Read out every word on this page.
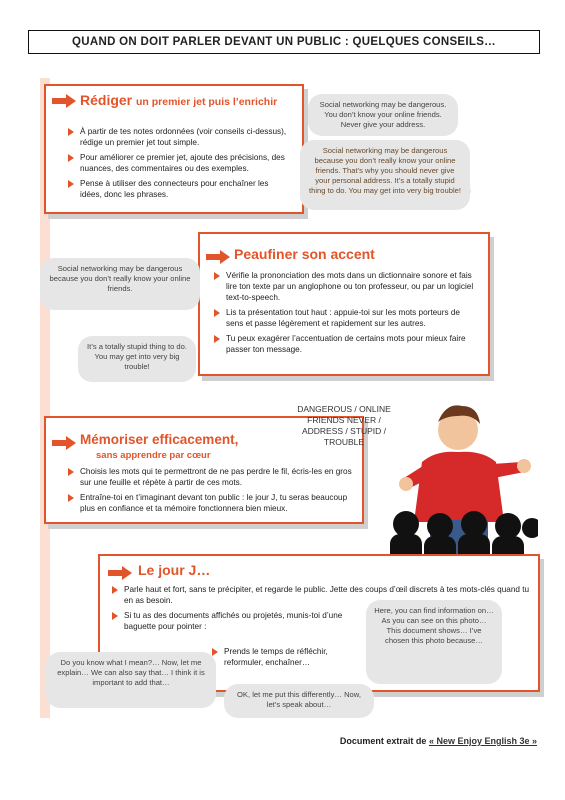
QUAND ON DOIT PARLER DEVANT UN PUBLIC : QUELQUES CONSEILS…
Rédiger un premier jet puis l’enrichir
À partir de tes notes ordonnées (voir conseils ci-dessus), rédige un premier jet tout simple.
Pour améliorer ce premier jet, ajoute des précisions, des nuances, des commentaires ou des exemples.
Pense à utiliser des connecteurs pour enchaîner les idées, donc les phrases.
Social networking may be dangerous. You don’t know your online friends. Never give your address.
Social networking may be dangerous because you don’t really know your online friends. That’s why you should never give your personal address. It’s a totally stupid thing to do. You may get into very big trouble!
Peaufiner son accent
Vérifie la prononciation des mots dans un dictionnaire sonore et fais lire ton texte par un anglophone ou ton professeur, ou par un logiciel text-to-speech.
Lis ta présentation tout haut : appuie-toi sur les mots porteurs de sens et passe légèrement et rapidement sur les autres.
Tu peux exagérer l’accentuation de certains mots pour mieux faire passer ton message.
Social networking may be dangerous because you don’t really know your online friends.
It’s a totally stupid thing to do. You may get into very big trouble!
Mémoriser efficacement,
sans apprendre par cœur
Choisis les mots qui te permettront de ne pas perdre le fil, écris-les en gros sur une feuille et répète à partir de ces mots.
Entraîne-toi en t’imaginant devant ton public : le jour J, tu seras beaucoup plus en confiance et ta mémoire fonctionnera bien mieux.
DANGEROUS / ONLINE FRIENDS NEVER / ADDRESS / STUPID / TROUBLE
Le jour J…
Parle haut et fort, sans te précipiter, et regarde le public. Jette des coups d’œil discrets à tes mots-clés quand tu en as besoin.
Si tu as des documents affichés ou projetés, munis-toi d’une baguette pour pointer :
Prends le temps de réfléchir, reformuler, enchaîner…
Do you know what I mean?… Now, let me explain… We can also say that… I think it is important to add that…
OK, let me put this differently… Now, let’s speak about…
Here, you can find information on… As you can see on this photo… This document shows… I’ve chosen this photo because…
Document extrait de « New Enjoy English 3e »
